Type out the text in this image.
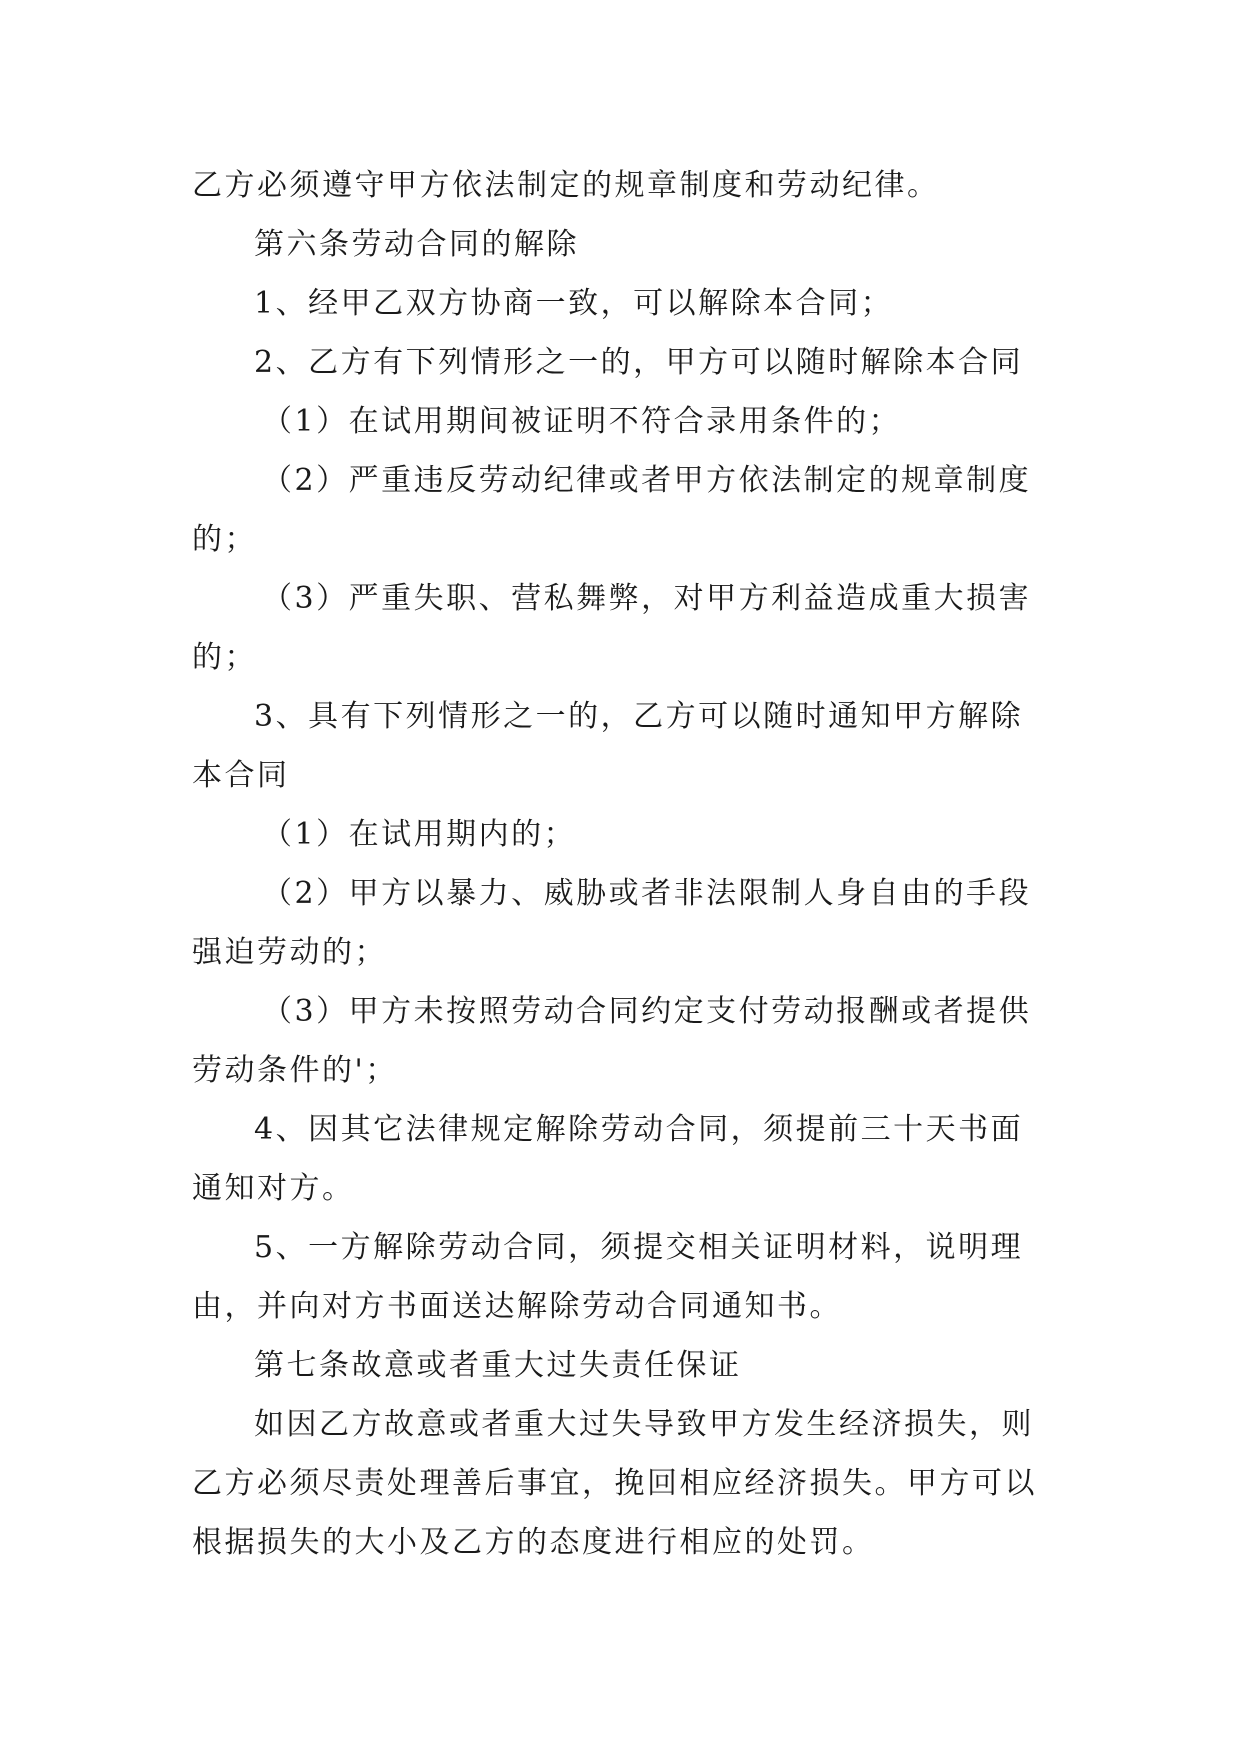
乙方必须遵守甲方依法制定的规章制度和劳动纪律。
第六条劳动合同的解除
1、经甲乙双方协商一致，可以解除本合同；
2、乙方有下列情形之一的，甲方可以随时解除本合同
（1）在试用期间被证明不符合录用条件的；
（2）严重违反劳动纪律或者甲方依法制定的规章制度
的；
（3）严重失职、营私舞弊，对甲方利益造成重大损害
的；
3、具有下列情形之一的，乙方可以随时通知甲方解除
本合同
（1）在试用期内的；
（2）甲方以暴力、威胁或者非法限制人身自由的手段
强迫劳动的；
（3）甲方未按照劳动合同约定支付劳动报酬或者提供
劳动条件的'；
4、因其它法律规定解除劳动合同，须提前三十天书面
通知对方。
5、一方解除劳动合同，须提交相关证明材料，说明理
由，并向对方书面送达解除劳动合同通知书。
第七条故意或者重大过失责任保证
如因乙方故意或者重大过失导致甲方发生经济损失，则
乙方必须尽责处理善后事宜，挽回相应经济损失。甲方可以
根据损失的大小及乙方的态度进行相应的处罚。
